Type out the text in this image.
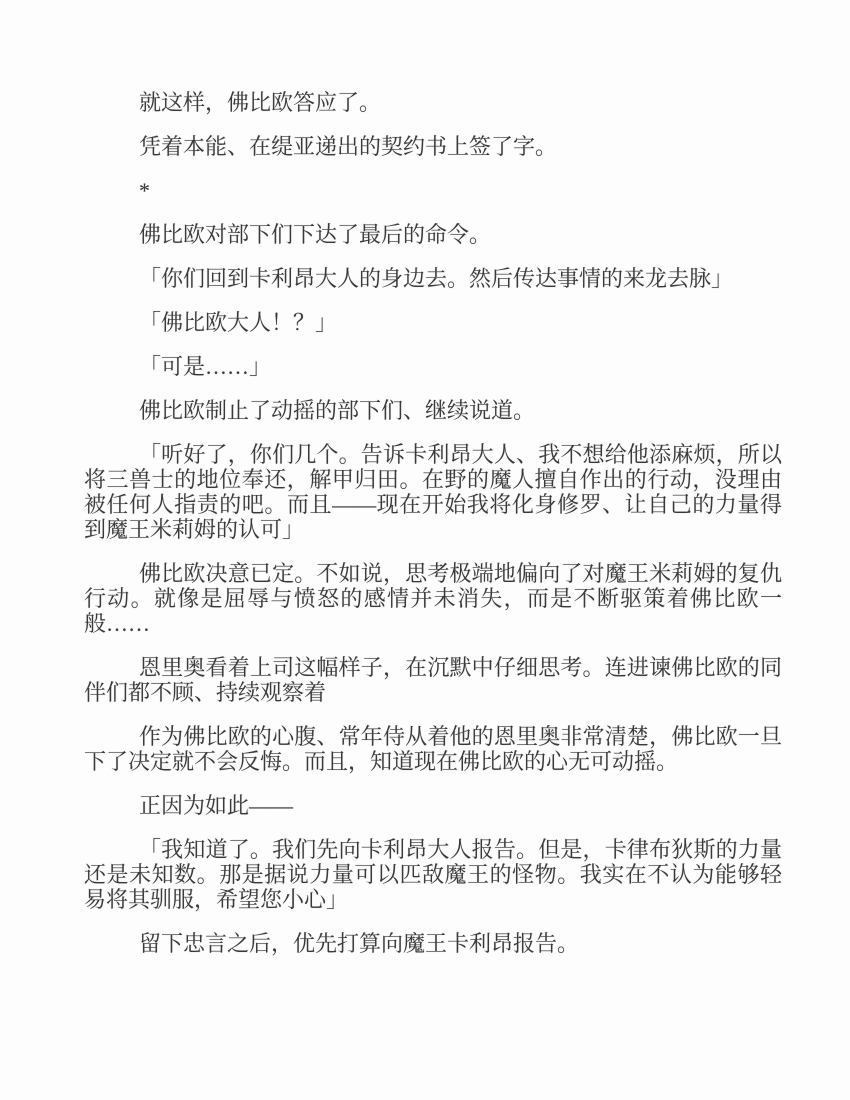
就这样，佛比欧答应了。

凭着本能、在缇亚递出的契约书上签了字。

*

佛比欧对部下们下达了最后的命令。

「你们回到卡利昂大人的身边去。然后传达事情的来龙去脉」

「佛比欧大人！？」

「可是……」

佛比欧制止了动摇的部下们、继续说道。

「听好了，你们几个。告诉卡利昂大人、我不想给他添麻烦，所以将三兽士的地位奉还，解甲归田。在野的魔人擅自作出的行动，没理由被任何人指责的吧。而且——现在开始我将化身修罗、让自己的力量得到魔王米莉姆的认可」

佛比欧决意已定。不如说，思考极端地偏向了对魔王米莉姆的复仇行动。就像是屈辱与愤怒的感情并未消失，而是不断驱策着佛比欧一般……

恩里奥看着上司这幅样子，在沉默中仔细思考。连进谏佛比欧的同伴们都不顾、持续观察着

作为佛比欧的心腹、常年侍从着他的恩里奥非常清楚，佛比欧一旦下了决定就不会反悔。而且，知道现在佛比欧的心无可动摇。

正因为如此——

「我知道了。我们先向卡利昂大人报告。但是，卡律布狄斯的力量还是未知数。那是据说力量可以匹敌魔王的怪物。我实在不认为能够轻易将其驯服，希望您小心」

留下忠言之后，优先打算向魔王卡利昂报告。
